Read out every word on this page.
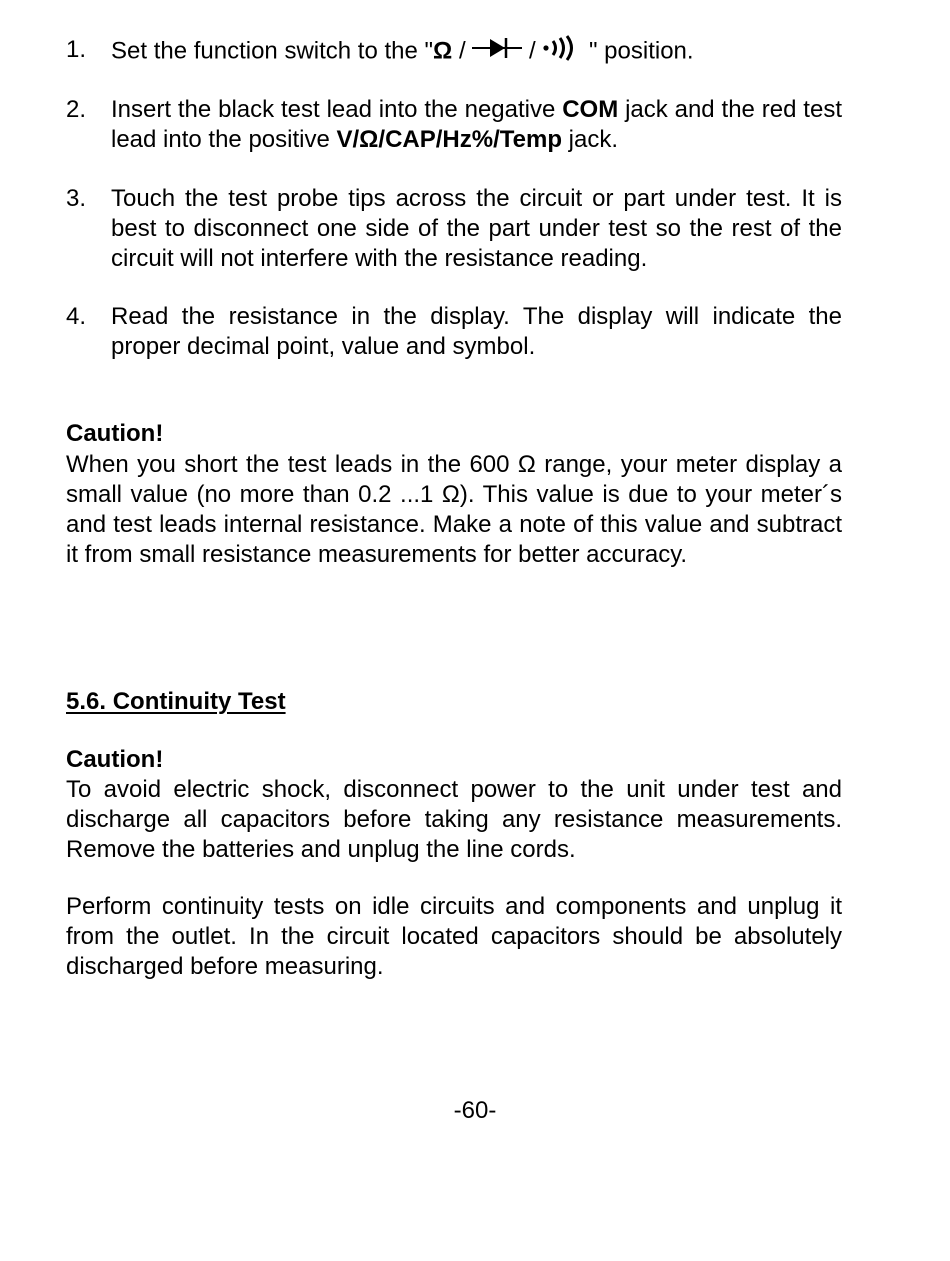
1. Set the function switch to the "Ω /  /  " position.
2. Insert the black test lead into the negative COM jack and the red test lead into the positive V/Ω/CAP/Hz%/Temp jack.
3. Touch the test probe tips across the circuit or part under test. It is best to disconnect one side of the part under test so the rest of the circuit will not interfere with the resistance reading.
4. Read the resistance in the display. The display will indicate the proper decimal point, value and symbol.
Caution!
When you short the test leads in the 600 Ω range, your meter display a small value (no more than 0.2 ...1 Ω). This value is due to your meter´s and test leads internal resistance. Make a note of this value and subtract it from small resistance measurements for better accuracy.
5.6. Continuity Test
Caution!
To avoid electric shock, disconnect power to the unit under test and discharge all capacitors before taking any resistance measurements. Remove the batteries and unplug the line cords.
Perform continuity tests on idle circuits and components and unplug it from the outlet. In the circuit located capacitors should be absolutely discharged before measuring.
-60-
